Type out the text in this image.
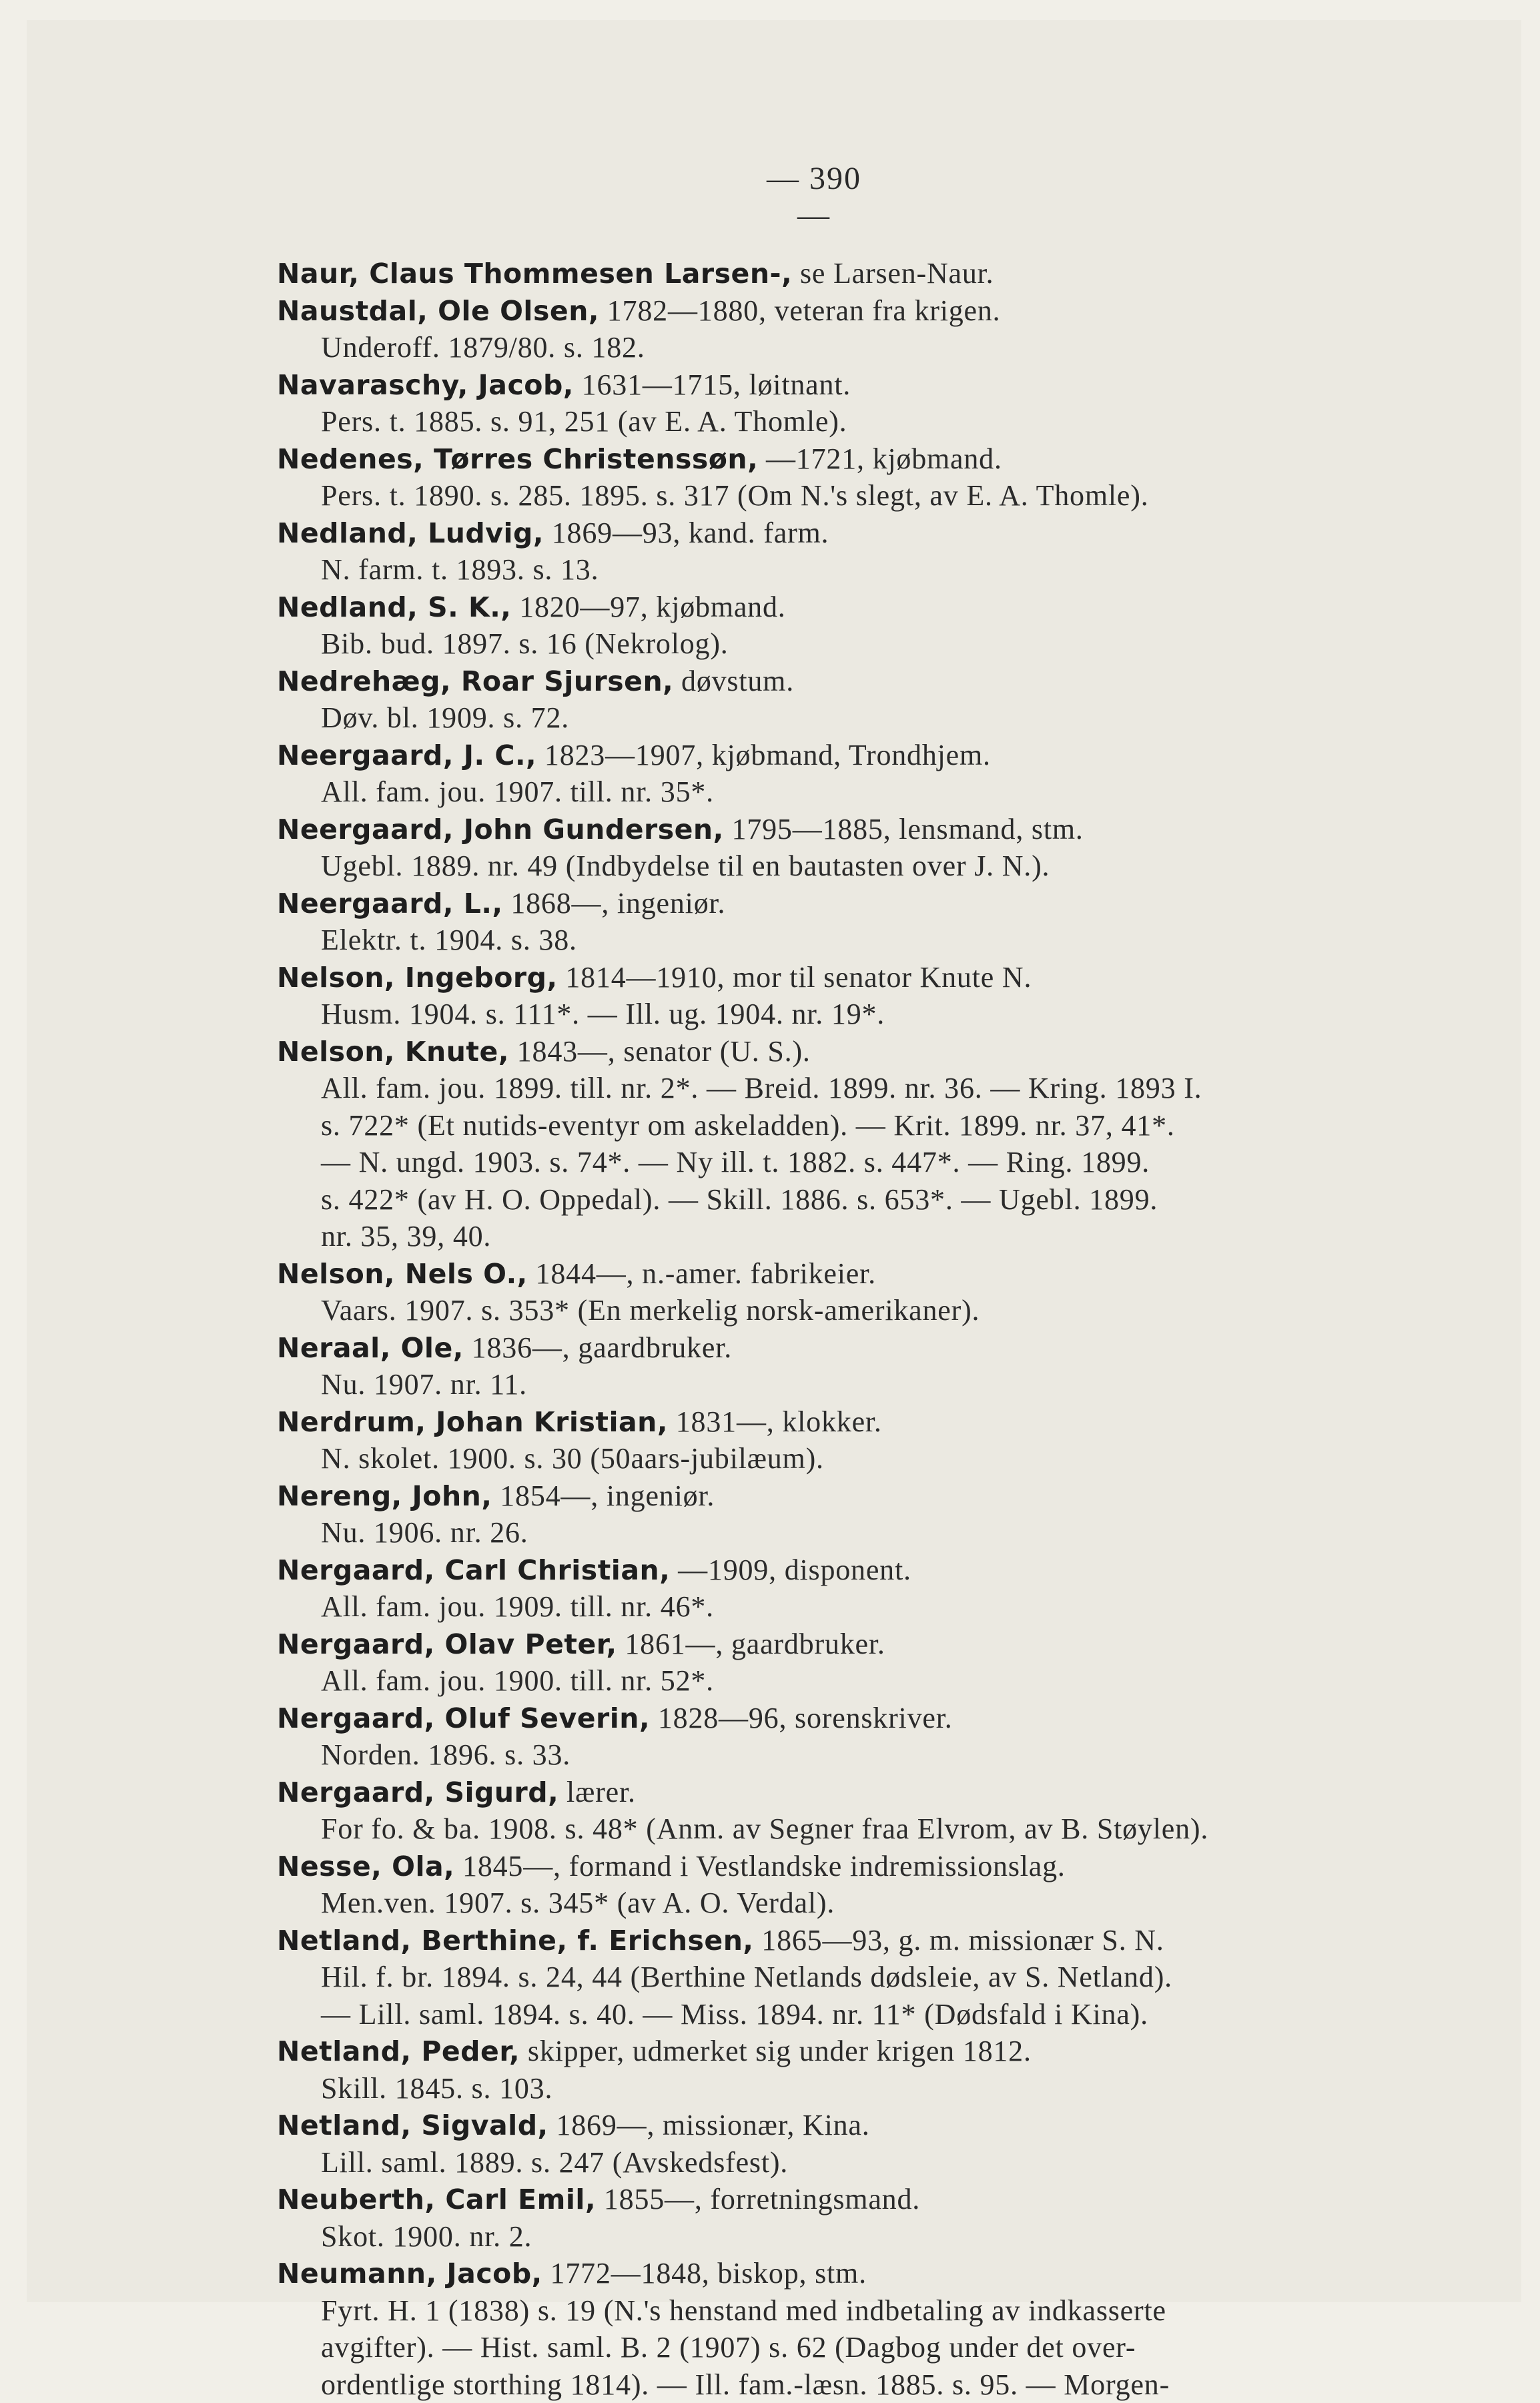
— 390 —
Naur, Claus Thommesen Larsen-, se Larsen-Naur.
Naustdal, Ole Olsen, 1782—1880, veteran fra krigen.
Underoff. 1879/80. s. 182.
Navaraschy, Jacob, 1631—1715, løitnant.
Pers. t. 1885. s. 91, 251 (av E. A. Thomle).
Nedenes, Tørres Christenssøn, —1721, kjøbmand.
Pers. t. 1890. s. 285. 1895. s. 317 (Om N.'s slegt, av E. A. Thomle).
Nedland, Ludvig, 1869—93, kand. farm.
N. farm. t. 1893. s. 13.
Nedland, S. K., 1820—97, kjøbmand.
Bib. bud. 1897. s. 16 (Nekrolog).
Nedrehæg, Roar Sjursen, døvstum.
Døv. bl. 1909. s. 72.
Neergaard, J. C., 1823—1907, kjøbmand, Trondhjem.
All. fam. jou. 1907. till. nr. 35*.
Neergaard, John Gundersen, 1795—1885, lensmand, stm.
Ugebl. 1889. nr. 49 (Indbydelse til en bautasten over J. N.).
Neergaard, L., 1868—, ingeniør.
Elektr. t. 1904. s. 38.
Nelson, Ingeborg, 1814—1910, mor til senator Knute N.
Husm. 1904. s. 111*. — Ill. ug. 1904. nr. 19*.
Nelson, Knute, 1843—, senator (U. S.).
All. fam. jou. 1899. till. nr. 2*. — Breid. 1899. nr. 36. — Kring. 1893 I.
s. 722* (Et nutids-eventyr om askeladden). — Krit. 1899. nr. 37, 41*.
— N. ungd. 1903. s. 74*. — Ny ill. t. 1882. s. 447*. — Ring. 1899.
s. 422* (av H. O. Oppedal). — Skill. 1886. s. 653*. — Ugebl. 1899.
nr. 35, 39, 40.
Nelson, Nels O., 1844—, n.-amer. fabrikeier.
Vaars. 1907. s. 353* (En merkelig norsk-amerikaner).
Neraal, Ole, 1836—, gaardbruker.
Nu. 1907. nr. 11.
Nerdrum, Johan Kristian, 1831—, klokker.
N. skolet. 1900. s. 30 (50aars-jubilæum).
Nereng, John, 1854—, ingeniør.
Nu. 1906. nr. 26.
Nergaard, Carl Christian, —1909, disponent.
All. fam. jou. 1909. till. nr. 46*.
Nergaard, Olav Peter, 1861—, gaardbruker.
All. fam. jou. 1900. till. nr. 52*.
Nergaard, Oluf Severin, 1828—96, sorenskriver.
Norden. 1896. s. 33.
Nergaard, Sigurd, lærer.
For fo. & ba. 1908. s. 48* (Anm. av Segner fraa Elvrom, av B. Støylen).
Nesse, Ola, 1845—, formand i Vestlandske indremissionslag.
Men.ven. 1907. s. 345* (av A. O. Verdal).
Netland, Berthine, f. Erichsen, 1865—93, g. m. missionær S. N.
Hil. f. br. 1894. s. 24, 44 (Berthine Netlands dødsleie, av S. Netland).
— Lill. saml. 1894. s. 40. — Miss. 1894. nr. 11* (Dødsfald i Kina).
Netland, Peder, skipper, udmerket sig under krigen 1812.
Skill. 1845. s. 103.
Netland, Sigvald, 1869—, missionær, Kina.
Lill. saml. 1889. s. 247 (Avskedsfest).
Neuberth, Carl Emil, 1855—, forretningsmand.
Skot. 1900. nr. 2.
Neumann, Jacob, 1772—1848, biskop, stm.
Fyrt. H. 1 (1838) s. 19 (N.'s henstand med indbetaling av indkasserte
avgifter). — Hist. saml. B. 2 (1907) s. 62 (Dagbog under det over-
ordentlige storthing 1814). — Ill. fam.-læsn. 1885. s. 95. — Morgen-
